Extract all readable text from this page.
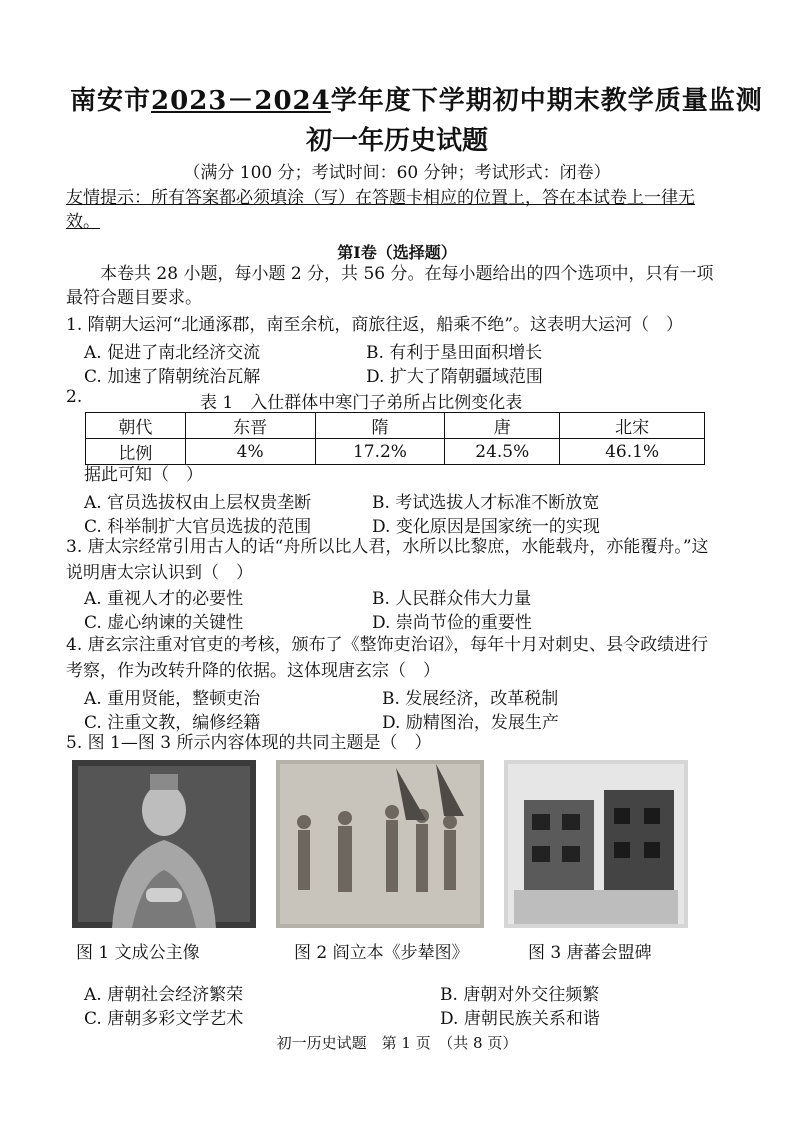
南安市2023－2024学年度下学期初中期末教学质量监测
初一年历史试题
（满分 100 分；考试时间：60 分钟；考试形式：闭卷）
友情提示：所有答案都必须填涂（写）在答题卡相应的位置上，答在本试卷上一律无效。
第Ⅰ卷（选择题）
本卷共 28 小题，每小题 2 分，共 56 分。在每小题给出的四个选项中，只有一项最符合题目要求。
1. 隋朝大运河“北通涿郡，南至余杭，商旅往返，船乘不绝”。这表明大运河（　）
A. 促进了南北经济交流	B. 有利于垦田面积增长
C. 加速了隋朝统治瓦解	D. 扩大了隋朝疆域范围
2.	表 1　入仕群体中寒门子弟所占比例变化表
朝代	东晋	隋	唐	北宋
比例	4%	17.2%	24.5%	46.1%
据此可知（　）
A. 官员选拔权由上层权贵垄断	B. 考试选拔人才标准不断放宽
C. 科举制扩大官员选拔的范围	D. 变化原因是国家统一的实现
3. 唐太宗经常引用古人的话“舟所以比人君，水所以比黎庶，水能载舟，亦能覆舟。”这说明唐太宗认识到（　）
A. 重视人才的必要性	B. 人民群众伟大力量
C. 虚心纳谏的关键性	D. 崇尚节俭的重要性
4. 唐玄宗注重对官吏的考核，颁布了《整饰吏治诏》，每年十月对刺史、县令政绩进行考察，作为改转升降的依据。这体现唐玄宗（　）
A. 重用贤能，整顿吏治	B. 发展经济，改革税制
C. 注重文教，编修经籍	D. 励精图治，发展生产
5. 图 1—图 3 所示内容体现的共同主题是（　）
图 1 文成公主像	图 2 阎立本《步辇图》	图 3 唐蕃会盟碑
A. 唐朝社会经济繁荣	B. 唐朝对外交往频繁
C. 唐朝多彩文学艺术	D. 唐朝民族关系和谐
初一历史试题　第 1 页　（共 8 页）
